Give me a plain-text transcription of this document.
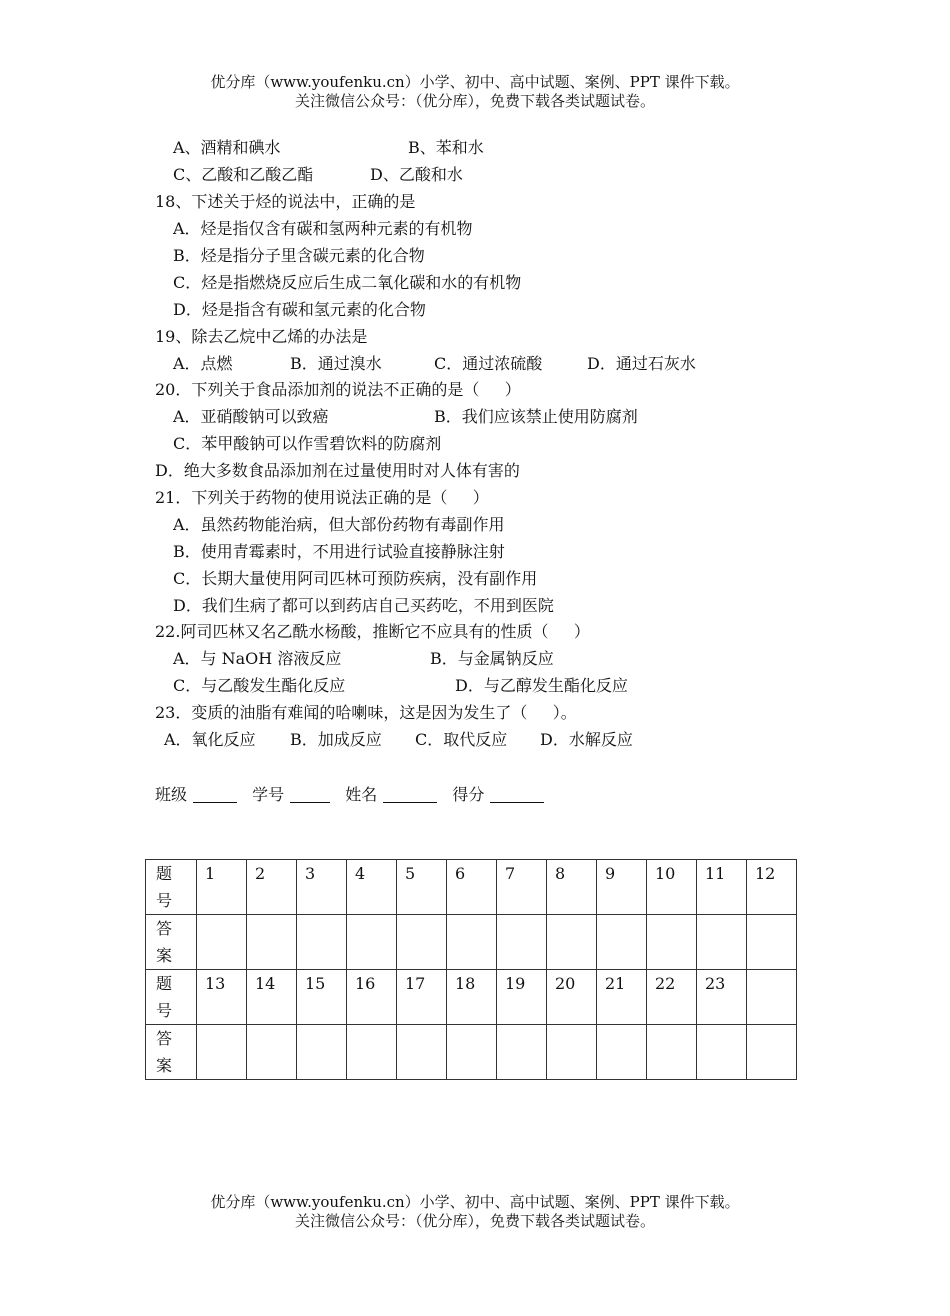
优分库（www.youfenku.cn）小学、初中、高中试题、案例、PPT 课件下载。
关注微信公众号：（优分库），免费下载各类试题试卷。
A、酒精和碘水	B、苯和水
C、乙酸和乙酸乙酯	D、乙酸和水
18、下述关于烃的说法中，正确的是
A．烃是指仅含有碳和氢两种元素的有机物
B．烃是指分子里含碳元素的化合物
C．烃是指燃烧反应后生成二氧化碳和水的有机物
D．烃是指含有碳和氢元素的化合物
19、除去乙烷中乙烯的办法是
A．点燃	B．通过溴水	C．通过浓硫酸	D．通过石灰水
20．下列关于食品添加剂的说法不正确的是（     ）
A．亚硝酸钠可以致癌	B．我们应该禁止使用防腐剂
C．苯甲酸钠可以作雪碧饮料的防腐剂
D．绝大多数食品添加剂在过量使用时对人体有害的
21．下列关于药物的使用说法正确的是（     ）
A．虽然药物能治病，但大部份药物有毒副作用
B．使用青霉素时，不用进行试验直接静脉注射
C．长期大量使用阿司匹林可预防疾病，没有副作用
D．我们生病了都可以到药店自己买药吃，不用到医院
22.阿司匹林又名乙酰水杨酸，推断它不应具有的性质（     ）
A．与 NaOH 溶液反应	B．与金属钠反应
C．与乙酸发生酯化反应	D．与乙醇发生酯化反应
23．变质的油脂有难闻的哈喇味，这是因为发生了（     ）。
A．氧化反应 B．加成反应 C．取代反应 D．水解反应
班级	学号	姓名	得分
题
号	1	2	3	4	5	6	7	8	9	10	11	12
答
案												
题
号	13	14	15	16	17	18	19	20	21	22	23	
答
案												
优分库（www.youfenku.cn）小学、初中、高中试题、案例、PPT 课件下载。
关注微信公众号：（优分库），免费下载各类试题试卷。
